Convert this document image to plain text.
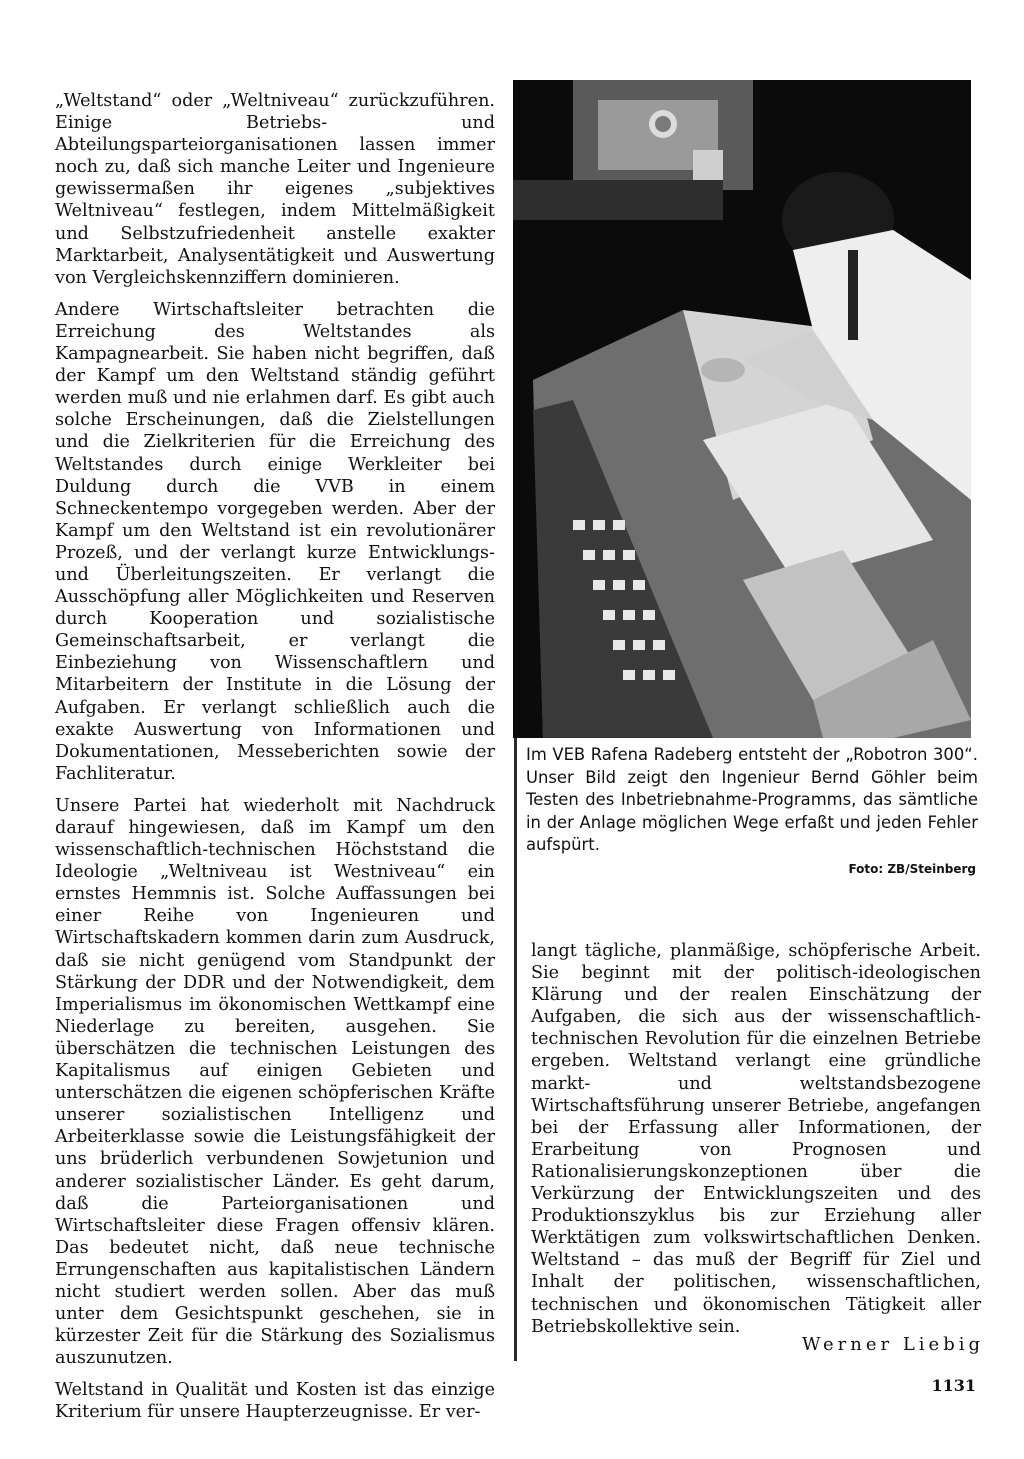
„Weltstand“ oder „Weltniveau“ zurückzuführen. Einige Betriebs- und Abteilungsparteiorganisationen lassen immer noch zu, daß sich manche Leiter und Ingenieure gewissermaßen ihr eigenes „subjektives Weltniveau“ festlegen, indem Mittelmäßigkeit und Selbstzufriedenheit anstelle exakter Marktarbeit, Analysentätigkeit und Auswertung von Vergleichskennziffern dominieren.

Andere Wirtschaftsleiter betrachten die Erreichung des Weltstandes als Kampagnearbeit. Sie haben nicht begriffen, daß der Kampf um den Weltstand ständig geführt werden muß und nie erlahmen darf. Es gibt auch solche Erscheinungen, daß die Zielstellungen und die Zielkriterien für die Erreichung des Weltstandes durch einige Werkleiter bei Duldung durch die VVB in einem Schneckentempo vorgegeben werden. Aber der Kampf um den Weltstand ist ein revolutionärer Prozeß, und der verlangt kurze Entwicklungs- und Überleitungszeiten. Er verlangt die Ausschöpfung aller Möglichkeiten und Reserven durch Kooperation und sozialistische Gemeinschaftsarbeit, er verlangt die Einbeziehung von Wissenschaftlern und Mitarbeitern der Institute in die Lösung der Aufgaben. Er verlangt schließlich auch die exakte Auswertung von Informationen und Dokumentationen, Messeberichten sowie der Fachliteratur.

Unsere Partei hat wiederholt mit Nachdruck darauf hingewiesen, daß im Kampf um den wissenschaftlich-technischen Höchststand die Ideologie „Weltniveau ist Westniveau“ ein ernstes Hemmnis ist. Solche Auffassungen bei einer Reihe von Ingenieuren und Wirtschaftskadern kommen darin zum Ausdruck, daß sie nicht genügend vom Standpunkt der Stärkung der DDR und der Notwendigkeit, dem Imperialismus im ökonomischen Wettkampf eine Niederlage zu bereiten, ausgehen. Sie überschätzen die technischen Leistungen des Kapitalismus auf einigen Gebieten und unterschätzen die eigenen schöpferischen Kräfte unserer sozialistischen Intelligenz und Arbeiterklasse sowie die Leistungsfähigkeit der uns brüderlich verbundenen Sowjetunion und anderer sozialistischer Länder. Es geht darum, daß die Parteiorganisationen und Wirtschaftsleiter diese Fragen offensiv klären. Das bedeutet nicht, daß neue technische Errungenschaften aus kapitalistischen Ländern nicht studiert werden sollen. Aber das muß unter dem Gesichtspunkt geschehen, sie in kürzester Zeit für die Stärkung des Sozialismus auszunutzen.

Weltstand in Qualität und Kosten ist das einzige Kriterium für unsere Haupterzeugnisse. Er ver-

Im VEB Rafena Radeberg entsteht der „Robotron 300“. Unser Bild zeigt den Ingenieur Bernd Göhler beim Testen des Inbetriebnahme-Programms, das sämtliche in der Anlage möglichen Wege erfaßt und jeden Fehler aufspürt.
Foto: ZB/Steinberg

langt tägliche, planmäßige, schöpferische Arbeit. Sie beginnt mit der politisch-ideologischen Klärung und der realen Einschätzung der Aufgaben, die sich aus der wissenschaftlich-technischen Revolution für die einzelnen Betriebe ergeben. Weltstand verlangt eine gründliche markt- und weltstandsbezogene Wirtschaftsführung unserer Betriebe, angefangen bei der Erfassung aller Informationen, der Erarbeitung von Prognosen und Rationalisierungskonzeptionen über die Verkürzung der Entwicklungszeiten und des Produktionszyklus bis zur Erziehung aller Werktätigen zum volkswirtschaftlichen Denken. Weltstand – das muß der Begriff für Ziel und Inhalt der politischen, wissenschaftlichen, technischen und ökonomischen Tätigkeit aller Betriebskollektive sein.

Werner Liebig
1131
